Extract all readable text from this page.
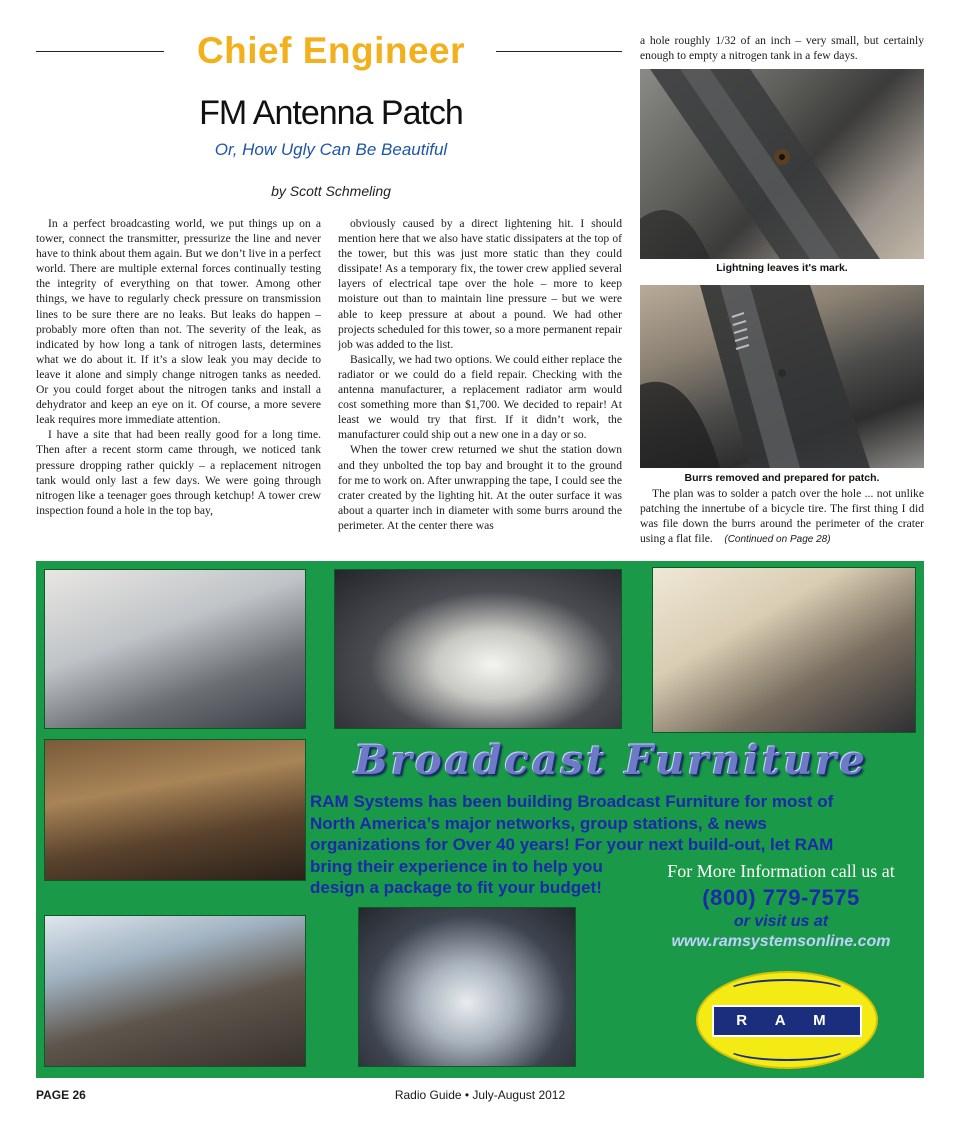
Chief Engineer
FM Antenna Patch
Or, How Ugly Can Be Beautiful
by Scott Schmeling

In a perfect broadcasting world, we put things up on a tower, connect the transmitter, pressurize the line and never have to think about them again. But we don’t live in a perfect world. There are multiple external forces continually testing the integrity of everything on that tower. Among other things, we have to regularly check pressure on transmission lines to be sure there are no leaks. But leaks do happen – probably more often than not. The severity of the leak, as indicated by how long a tank of nitrogen lasts, determines what we do about it. If it’s a slow leak you may decide to leave it alone and simply change nitrogen tanks as needed. Or you could forget about the nitrogen tanks and install a dehydrator and keep an eye on it. Of course, a more severe leak requires more immediate attention.

I have a site that had been really good for a long time. Then after a recent storm came through, we noticed tank pressure dropping rather quickly – a replacement nitrogen tank would only last a few days. We were going through nitrogen like a teenager goes through ketchup! A tower crew inspection found a hole in the top bay,

obviously caused by a direct lightening hit. I should mention here that we also have static dissipaters at the top of the tower, but this was just more static than they could dissipate! As a temporary fix, the tower crew applied several layers of electrical tape over the hole – more to keep moisture out than to maintain line pressure – but we were able to keep pressure at about a pound. We had other projects scheduled for this tower, so a more permanent repair job was added to the list.

Basically, we had two options. We could either replace the radiator or we could do a field repair. Checking with the antenna manufacturer, a replacement radiator arm would cost something more than $1,700. We decided to repair! At least we would try that first. If it didn’t work, the manufacturer could ship out a new one in a day or so.

When the tower crew returned we shut the station down and they unbolted the top bay and brought it to the ground for me to work on. After unwrapping the tape, I could see the crater created by the lighting hit. At the outer surface it was about a quarter inch in diameter with some burrs around the perimeter. At the center there was

a hole roughly 1/32 of an inch – very small, but certainly enough to empty a nitrogen tank in a few days.

Lightning leaves it's mark.
Burrs removed and prepared for patch.

The plan was to solder a patch over the hole ... not unlike patching the innertube of a bicycle tire. The first thing I did was file down the burrs around the perimeter of the crater using a flat file. (Continued on Page 28)

Broadcast Furniture
RAM Systems has been building Broadcast Furniture for most of North America’s major networks, group stations, & news organizations for Over 40 years! For your next build-out, let RAM
bring their experience in to help you design a package to fit your budget!
For More Information call us at
(800) 779-7575
or visit us at
www.ramsystemsonline.com
R A M
PAGE 26	Radio Guide • July-August 2012
